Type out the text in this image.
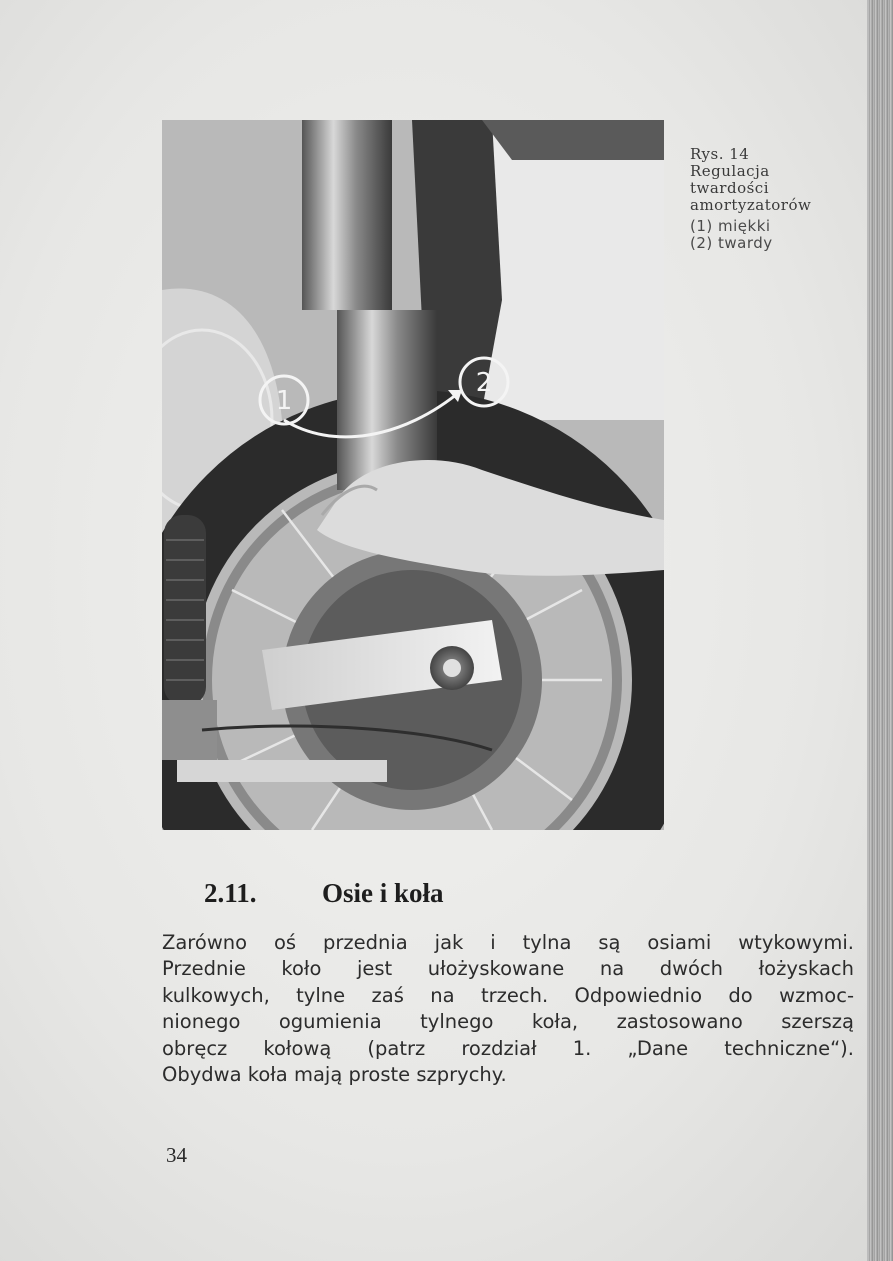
1
2
Rys. 14
Regulacja
twardości
amortyzatorów
(1) miękki
(2) twardy
2.11. Osie i koła
Zarówno oś przednia jak i tylna są osiami wtykowymi.
Przednie koło jest ułożyskowane na dwóch łożyskach
kulkowych, tylne zaś na trzech. Odpowiednio do wzmoc-
nionego ogumienia tylnego koła, zastosowano szerszą
obręcz kołową (patrz rozdział 1. „Dane techniczne“).
Obydwa koła mają proste szprychy.
34
